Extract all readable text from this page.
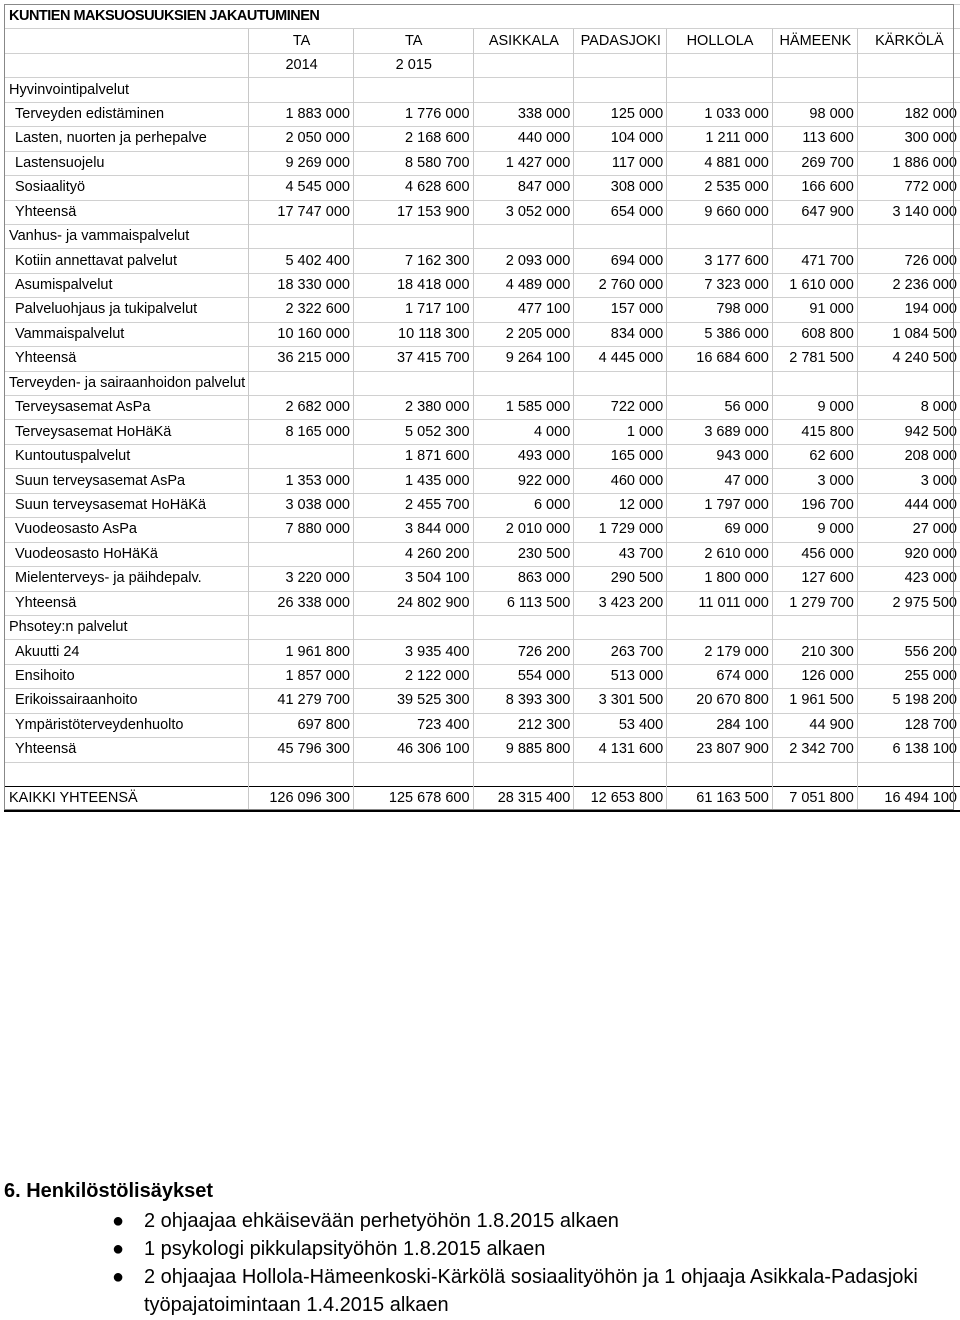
KUNTIEN MAKSUOSUUKSIEN JAKAUTUMINEN							
	TA	TA	ASIKKALA	PADASJOKI	HOLLOLA	HÄMEENK	KÄRKÖLÄ
	2014	2 015					
Hyvinvointipalvelut							
Terveyden edistäminen	1 883 000	1 776 000	338 000	125 000	1 033 000	98 000	182 000
Lasten, nuorten ja perhepalve	2 050 000	2 168 600	440 000	104 000	1 211 000	113 600	300 000
Lastensuojelu	9 269 000	8 580 700	1 427 000	117 000	4 881 000	269 700	1 886 000
Sosiaalityö	4 545 000	4 628 600	847 000	308 000	2 535 000	166 600	772 000
Yhteensä	17 747 000	17 153 900	3 052 000	654 000	9 660 000	647 900	3 140 000
Vanhus- ja vammaispalvelut							
Kotiin annettavat palvelut	5 402 400	7 162 300	2 093 000	694 000	3 177 600	471 700	726 000
Asumispalvelut	18 330 000	18 418 000	4 489 000	2 760 000	7 323 000	1 610 000	2 236 000
Palveluohjaus ja tukipalvelut	2 322 600	1 717 100	477 100	157 000	798 000	91 000	194 000
Vammaispalvelut	10 160 000	10 118 300	2 205 000	834 000	5 386 000	608 800	1 084 500
Yhteensä	36 215 000	37 415 700	9 264 100	4 445 000	16 684 600	2 781 500	4 240 500
Terveyden- ja sairaanhoidon palvelut							
Terveysasemat AsPa	2 682 000	2 380 000	1 585 000	722 000	56 000	9 000	8 000
Terveysasemat HoHäKä	8 165 000	5 052 300	4 000	1 000	3 689 000	415 800	942 500
Kuntoutuspalvelut		1 871 600	493 000	165 000	943 000	62 600	208 000
Suun terveysasemat AsPa	1 353 000	1 435 000	922 000	460 000	47 000	3 000	3 000
Suun terveysasemat HoHäKä	3 038 000	2 455 700	6 000	12 000	1 797 000	196 700	444 000
Vuodeosasto AsPa	7 880 000	3 844 000	2 010 000	1 729 000	69 000	9 000	27 000
Vuodeosasto HoHäKä		4 260 200	230 500	43 700	2 610 000	456 000	920 000
Mielenterveys- ja päihdepalv.	3 220 000	3 504 100	863 000	290 500	1 800 000	127 600	423 000
Yhteensä	26 338 000	24 802 900	6 113 500	3 423 200	11 011 000	1 279 700	2 975 500
Phsotey:n palvelut							
Akuutti 24	1 961 800	3 935 400	726 200	263 700	2 179 000	210 300	556 200
Ensihoito	1 857 000	2 122 000	554 000	513 000	674 000	126 000	255 000
Erikoissairaanhoito	41 279 700	39 525 300	8 393 300	3 301 500	20 670 800	1 961 500	5 198 200
Ympäristöterveydenhuolto	697 800	723 400	212 300	53 400	284 100	44 900	128 700
Yhteensä	45 796 300	46 306 100	9 885 800	4 131 600	23 807 900	2 342 700	6 138 100

KAIKKI YHTEENSÄ	126 096 300	125 678 600	28 315 400	12 653 800	61 163 500	7 051 800	16 494 100
6. Henkilöstölisäykset
● 2 ohjaajaa ehkäisevään perhetyöhön 1.8.2015 alkaen
● 1 psykologi pikkulapsityöhön 1.8.2015 alkaen
● 2 ohjaajaa Hollola-Hämeenkoski-Kärkölä sosiaalityöhön ja 1 ohjaaja Asikkala-Padasjoki työpajatoimintaan 1.4.2015 alkaen
